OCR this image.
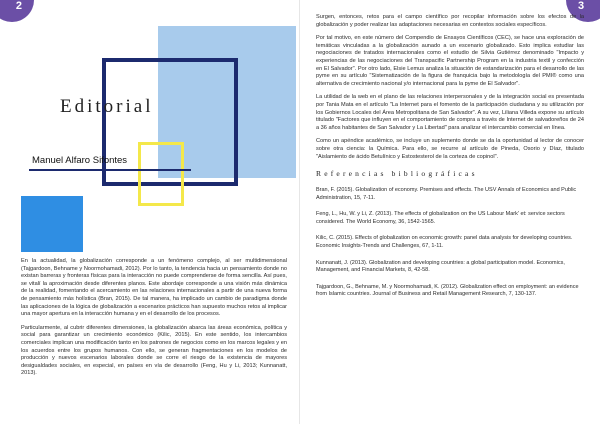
2
Editorial
Manuel Alfaro Sifontes

En la actualidad, la globalización corresponde a un fenómeno complejo, al ser multidimensional (Tajgardoon, Behname y Noormohamadi, 2012). Por lo tanto, la tendencia hacia un pensamiento donde no existan barreras y fronteras físicas para la interacción no puede comprenderse de forma sencilla. Así pues, se vitalí la aproximación desde diferentes planos. Este abordaje corresponde a una visión más dinámica de la realidad, fomentando el acercamiento en las relaciones internacionales a partir de una nueva forma de pensamiento más holística (Bran, 2015). De tal manera, ha implicado un cambio de paradigma donde las aplicaciones de la lógica de globalización a escenarios prácticos han supuesto muchos retos al implicar una mayor apertura en la interacción humana y en el desarrollo de los procesos.

Particularmente, al cubrir diferentes dimensiones, la globalización abarca las áreas económica, política y social para garantizar un crecimiento económico (Kilic, 2015). En este sentido, los intercambios comerciales implican una modificación tanto en los patrones de negocios como en los marcos legales y en los acuerdos entre los grupos humanos. Con ello, se generan fragmentaciones en los modelos de producción y nuevos escenarios laborales donde se corre el riesgo de la existencia de mayores desigualdades sociales, en especial, en países en vía de desarrollo (Feng, Hu y Li, 2013; Kunnanatt, 2013).

3

Surgen, entonces, retos para el campo científico por recopilar información sobre los efectos de la globalización y poder realizar las adaptaciones necesarias en contextos sociales específicos.

Por tal motivo, en este número del Compendio de Ensayos Científicos (CEC), se hace una exploración de temáticas vinculadas a la globalización aunado a un escenario globalizado. Esto implica estudiar las negociaciones de tratados internacionales como el estudio de Silvia Gutiérrez denominado "Impacto y experiencias de las negociaciones del Transpacific Partnership Program en la industria textil y confección en El Salvador". Por otro lado, Elsie Lemus analiza la situación de estandarización para el desarrollo de las pyme en su artículo "Sistematización de la figura de franquicia bajo la metodología del PMI® como una alternativa de crecimiento nacional y/o internacional para la pyme de El Salvador".

La utilidad de la web en el plano de las relaciones interpersonales y de la integración social es presentada por Tania Mata en el artículo "La Internet para el fomento de la participación ciudadana y su utilización por los Gobiernos Locales del Área Metropolitana de San Salvador". A su vez, Liliana Villeda expone su artículo titulado "Factores que influyen en el comportamiento de compra a través de Internet de salvadoreños de 24 a 36 años habitantes de San Salvador y La Libertad" para analizar el intercambio comercial en línea.

Como un apéndice académico, se incluye un suplemento donde se da la oportunidad al lector de conocer sobre otra ciencia: la Química. Para ello, se recurre al artículo de Pineda, Osorio y Díaz, titulado "Aislamiento de ácido Betulínico y Estostesterol de la corteza de copinol".

Referencias bibliográficas

Bran, F. (2015). Globalization of economy. Premises and effects. The USV Annals of Economics and Public Administration, 15, 7-11.

Feng, L., Hu, W. y Li, Z. (2013). The effects of globalization on the US Labour Mark' et: service sectors considered. The World Economy, 36, 1542-1565.

Kilic, C. (2015). Effects of globalization on economic growth: panel data analysis for developing countries. Economic Insights-Trends and Challenges, 67, 1-11.

Kunnanatt, J. (2013). Globalization and developing countries: a global participation model. Economics, Management, and Financial Markets, 8, 42-58.

Tajgardoon, G., Behname, M. y Noormohamadi, K. (2012). Globalization effect on employment: an evidence from Islamic countries. Journal of Business and Retail Management Research, 7, 130-137.
